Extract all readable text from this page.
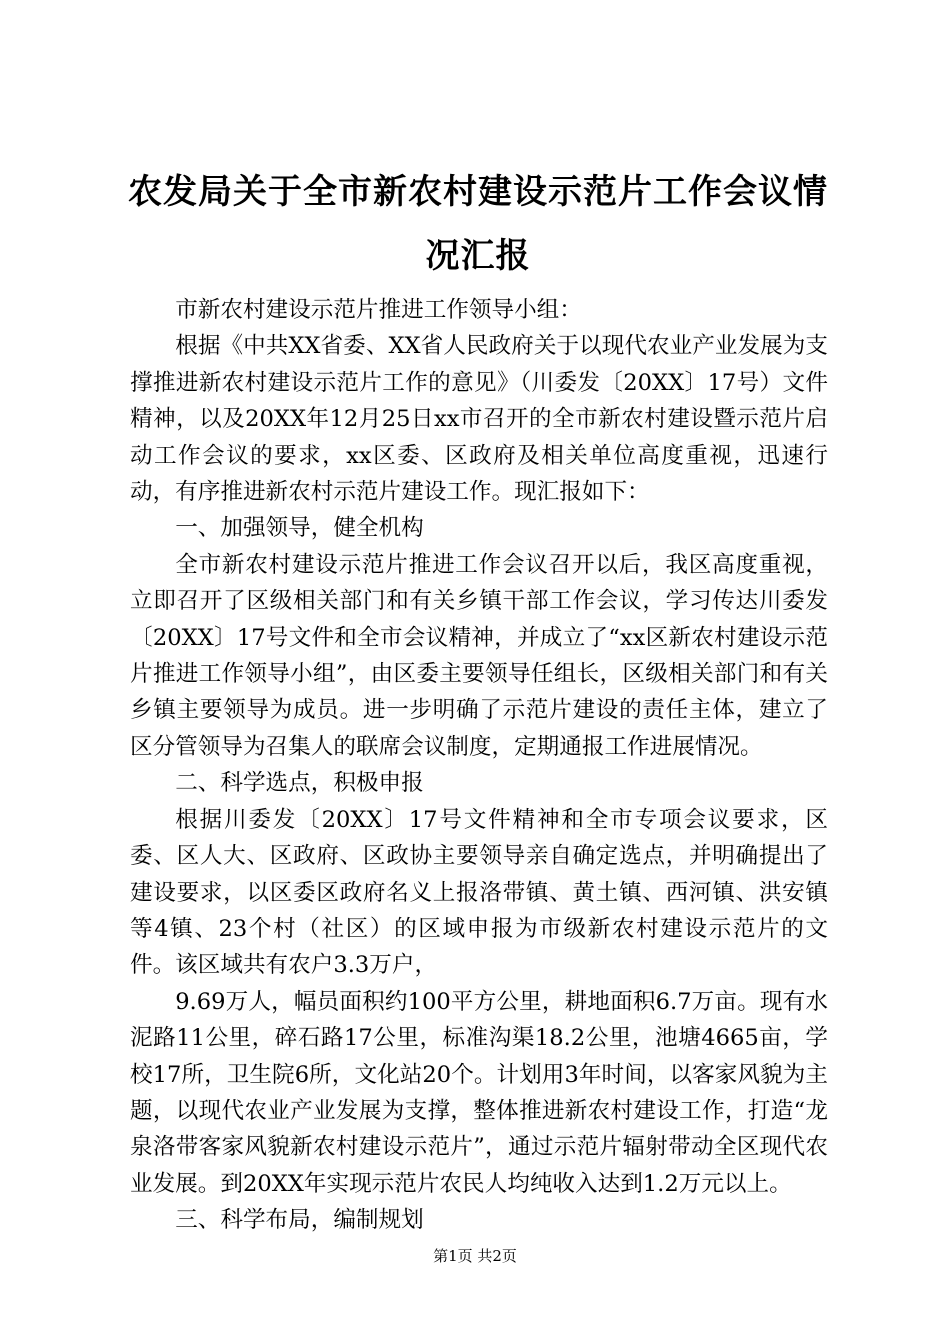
农发局关于全市新农村建设示范片工作会议情况汇报

市新农村建设示范片推进工作领导小组：

根据《中共XX省委、XX省人民政府关于以现代农业产业发展为支撑推进新农村建设示范片工作的意见》（川委发〔20XX〕17号）文件精神，以及20XX年12月25日xx市召开的全市新农村建设暨示范片启动工作会议的要求，xx区委、区政府及相关单位高度重视，迅速行动，有序推进新农村示范片建设工作。现汇报如下：

一、加强领导，健全机构

全市新农村建设示范片推进工作会议召开以后，我区高度重视，立即召开了区级相关部门和有关乡镇干部工作会议，学习传达川委发〔20XX〕17号文件和全市会议精神，并成立了“xx区新农村建设示范片推进工作领导小组”，由区委主要领导任组长，区级相关部门和有关乡镇主要领导为成员。进一步明确了示范片建设的责任主体，建立了区分管领导为召集人的联席会议制度，定期通报工作进展情况。

二、科学选点，积极申报

根据川委发〔20XX〕17号文件精神和全市专项会议要求，区委、区人大、区政府、区政协主要领导亲自确定选点，并明确提出了建设要求，以区委区政府名义上报洛带镇、黄土镇、西河镇、洪安镇等4镇、23个村（社区）的区域申报为市级新农村建设示范片的文件。该区域共有农户3.3万户，

9.69万人，幅员面积约100平方公里，耕地面积6.7万亩。现有水泥路11公里，碎石路17公里，标准沟渠18.2公里，池塘4665亩，学校17所，卫生院6所，文化站20个。计划用3年时间，以客家风貌为主题，以现代农业产业发展为支撑，整体推进新农村建设工作，打造“龙泉洛带客家风貌新农村建设示范片”，通过示范片辐射带动全区现代农业发展。到20XX年实现示范片农民人均纯收入达到1.2万元以上。

三、科学布局，编制规划

第1页 共2页
